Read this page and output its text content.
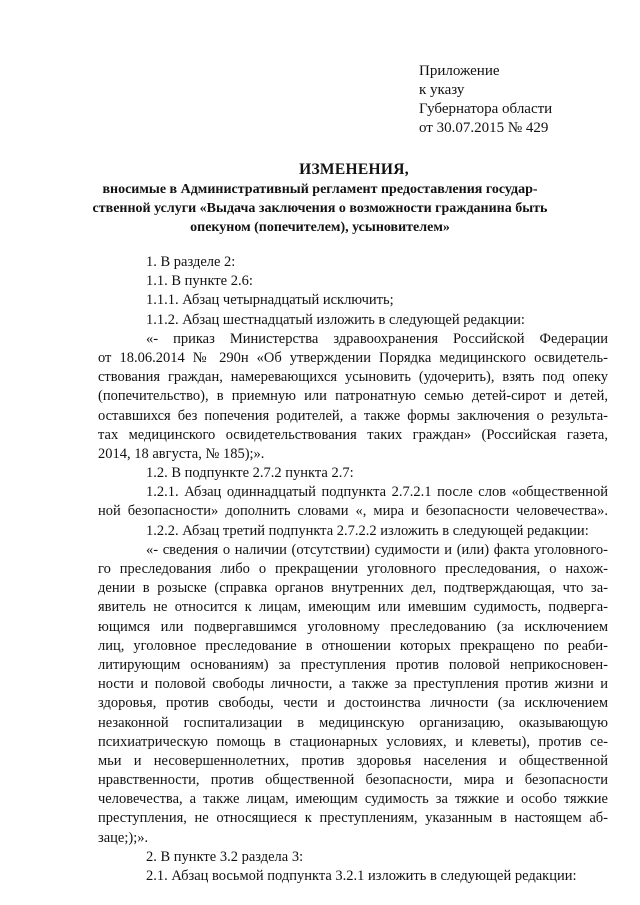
Приложение
к указу
Губернатора области
от 30.07.2015 № 429
ИЗМЕНЕНИЯ,
вносимые в Административный регламент предоставления государ-
ственной услуги «Выдача заключения о возможности гражданина быть
опекуном (попечителем), усыновителем»
1. В разделе 2:
1.1. В пункте 2.6:
1.1.1. Абзац четырнадцатый исключить;
1.1.2. Абзац шестнадцатый изложить в следующей редакции:
«- приказ Министерства здравоохранения Российской Федерации
от 18.06.2014 № 290н «Об утверждении Порядка медицинского освидетель-
ствования граждан, намеревающихся усыновить (удочерить), взять под опеку
(попечительство), в приемную или патронатную семью детей-сирот и детей,
оставшихся без попечения родителей, а также формы заключения о результа-
тах медицинского освидетельствования таких граждан» (Российская газета,
2014, 18 августа, № 185);».
1.2. В подпункте 2.7.2 пункта 2.7:
1.2.1. Абзац одиннадцатый подпункта 2.7.2.1 после слов «общественной
ной безопасности» дополнить словами «, мира и безопасности человечества».
1.2.2. Абзац третий подпункта 2.7.2.2 изложить в следующей редакции:
«- сведения о наличии (отсутствии) судимости и (или) факта уголовного-
го преследования либо о прекращении уголовного преследования, о нахож-
дении в розыске (справка органов внутренних дел, подтверждающая, что за-
явитель не относится к лицам, имеющим или имевшим судимость, подверга-
ющимся или подвергавшимся уголовному преследованию (за исключением
лиц, уголовное преследование в отношении которых прекращено по реаби-
литирующим основаниям) за преступления против половой неприкосновен-
ности и половой свободы личности, а также за преступления против жизни и
здоровья, против свободы, чести и достоинства личности (за исключением
незаконной госпитализации в медицинскую организацию, оказывающую
психиатрическую помощь в стационарных условиях, и клеветы), против се-
мьи и несовершеннолетних, против здоровья населения и общественной
нравственности, против общественной безопасности, мира и безопасности
человечества, а также лицам, имеющим судимость за тяжкие и особо тяжкие
преступления, не относящиеся к преступлениям, указанным в настоящем аб-
зацe;);».
2. В пункте 3.2 раздела 3:
2.1. Абзац восьмой подпункта 3.2.1 изложить в следующей редакции:
